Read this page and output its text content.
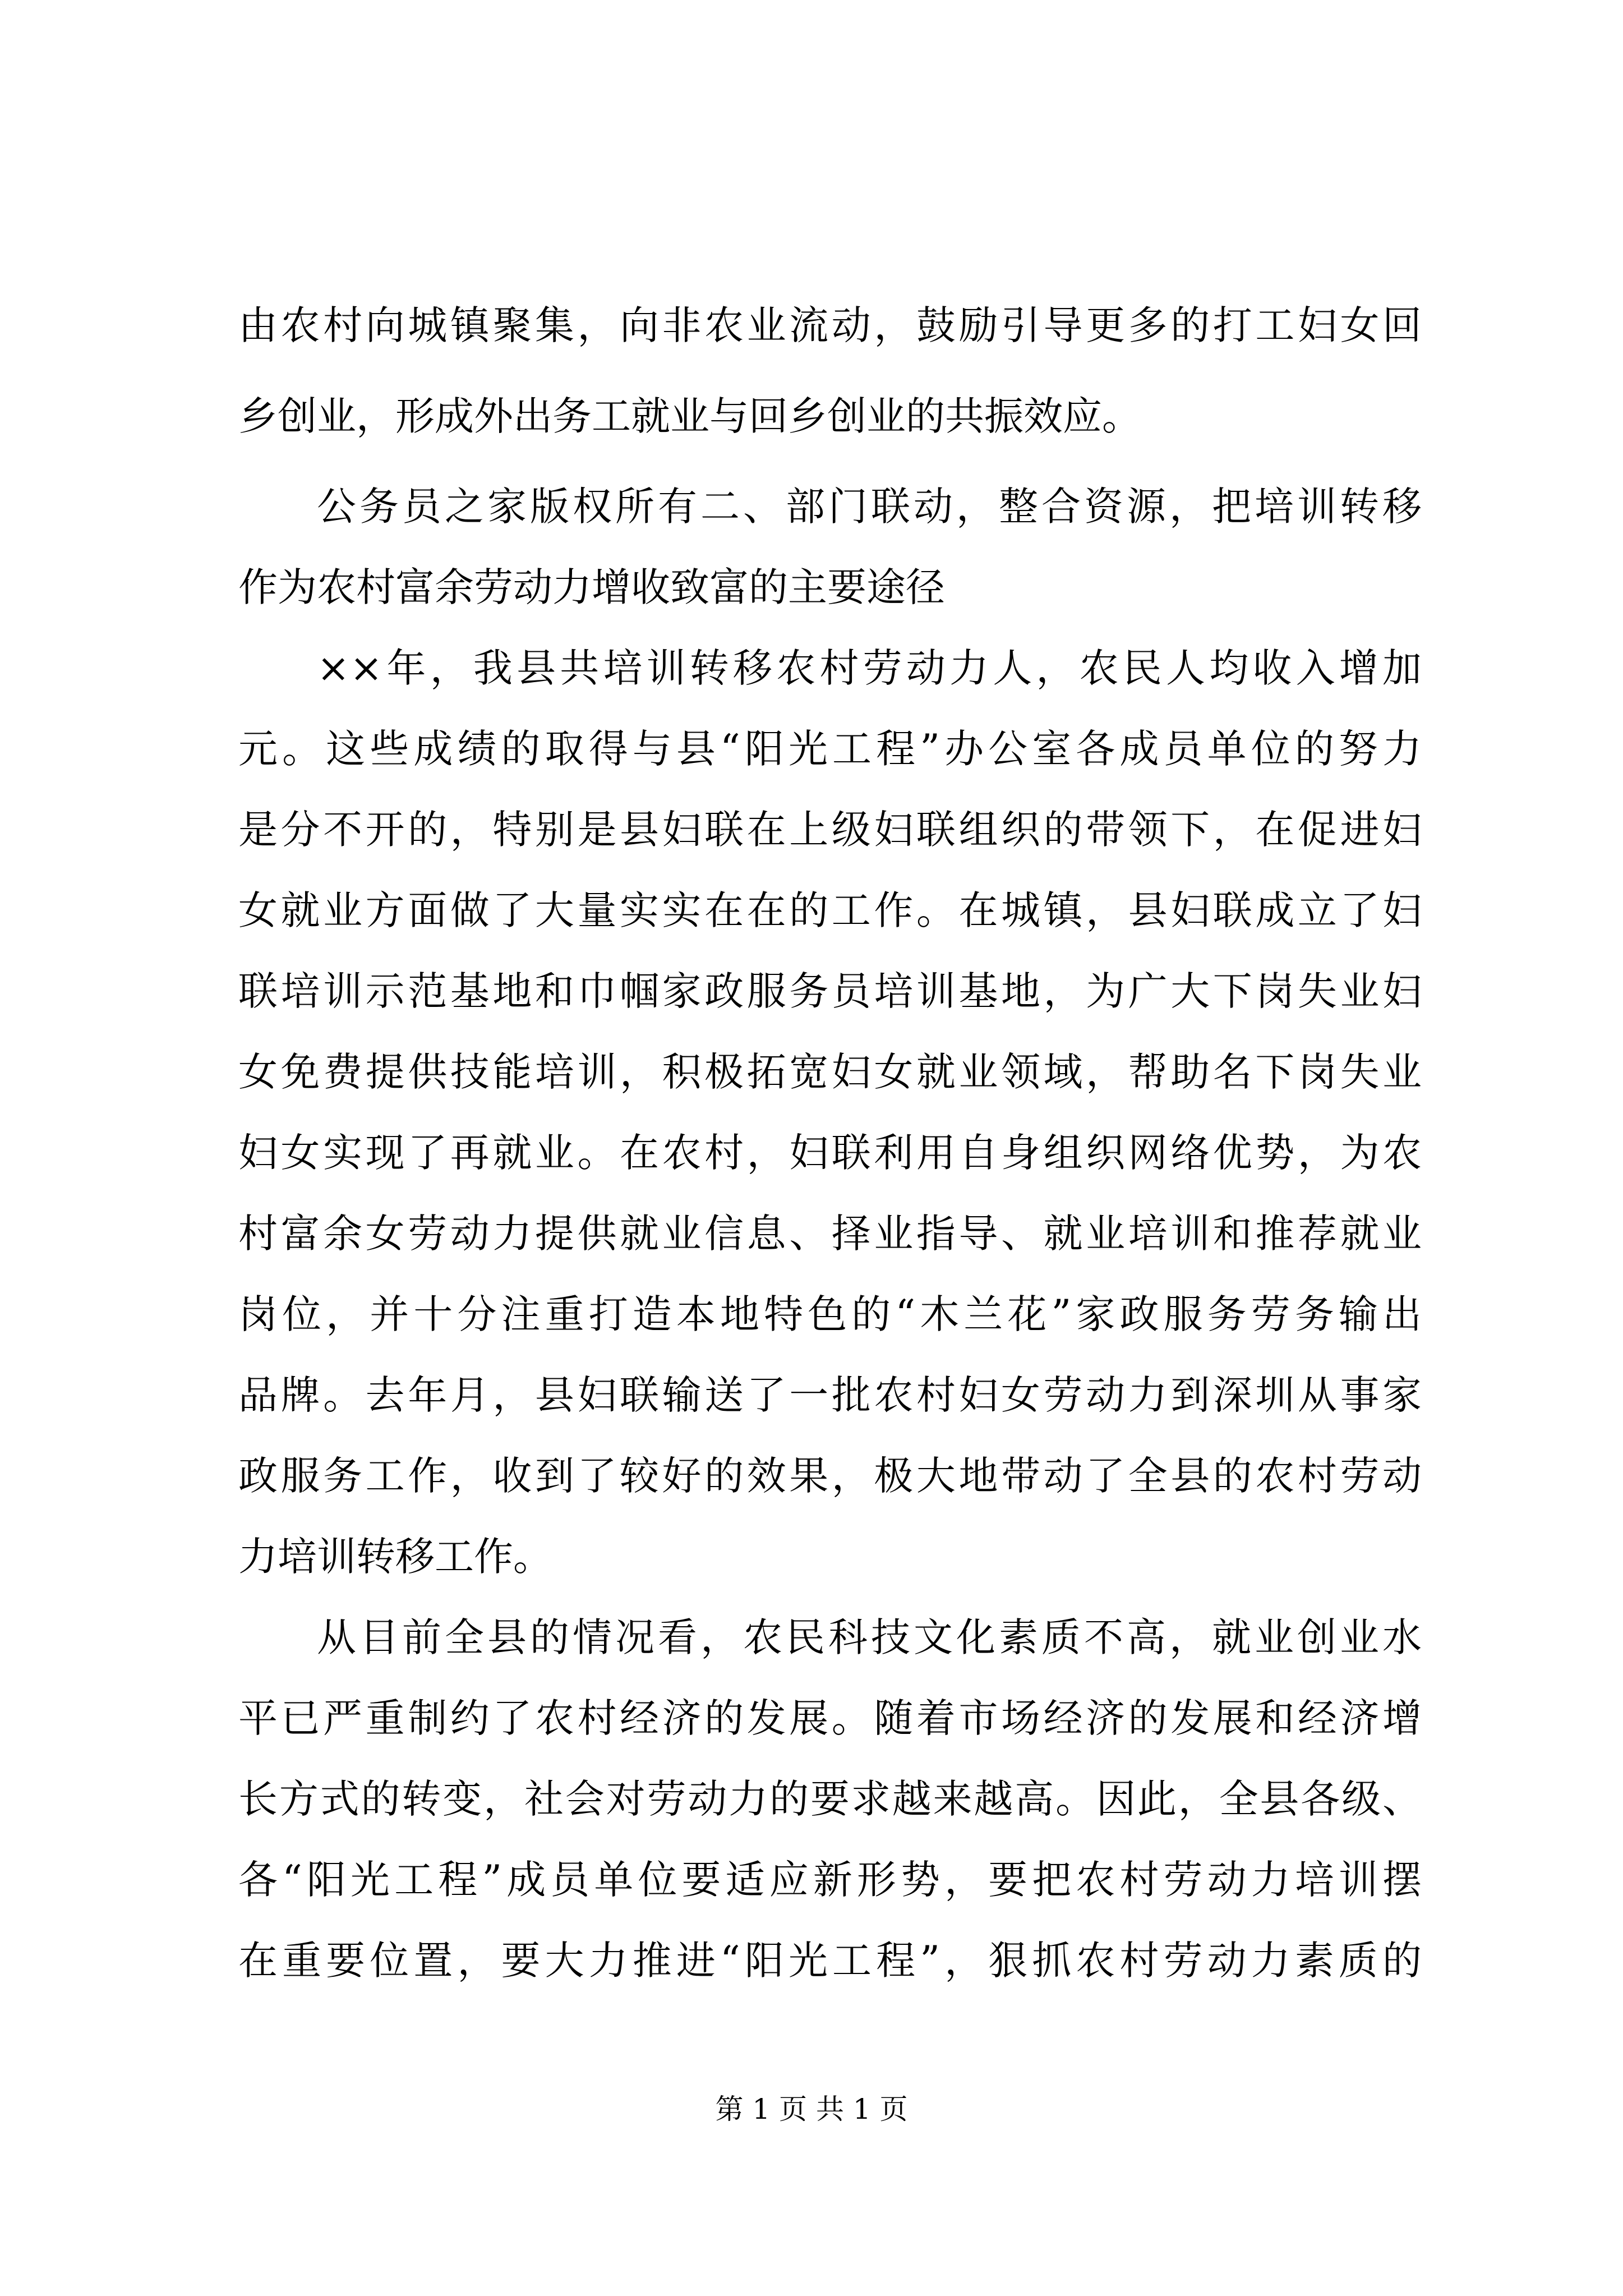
由农村向城镇聚集，向非农业流动，鼓励引导更多的打工妇女回
乡创业，形成外出务工就业与回乡创业的共振效应。
公务员之家版权所有二、部门联动，整合资源，把培训转移
作为农村富余劳动力增收致富的主要途径
××年，我县共培训转移农村劳动力人，农民人均收入增加
元。这些成绩的取得与县“阳光工程”办公室各成员单位的努力
是分不开的，特别是县妇联在上级妇联组织的带领下，在促进妇
女就业方面做了大量实实在在的工作。在城镇，县妇联成立了妇
联培训示范基地和巾帼家政服务员培训基地，为广大下岗失业妇
女免费提供技能培训，积极拓宽妇女就业领域，帮助名下岗失业
妇女实现了再就业。在农村，妇联利用自身组织网络优势，为农
村富余女劳动力提供就业信息、择业指导、就业培训和推荐就业
岗位，并十分注重打造本地特色的“木兰花”家政服务劳务输出
品牌。去年月，县妇联输送了一批农村妇女劳动力到深圳从事家
政服务工作，收到了较好的效果，极大地带动了全县的农村劳动
力培训转移工作。
从目前全县的情况看，农民科技文化素质不高，就业创业水
平已严重制约了农村经济的发展。随着市场经济的发展和经济增
长方式的转变，社会对劳动力的要求越来越高。因此，全县各级、
各“阳光工程”成员单位要适应新形势，要把农村劳动力培训摆
在重要位置，要大力推进“阳光工程”，狠抓农村劳动力素质的
第 1 页 共 1 页
